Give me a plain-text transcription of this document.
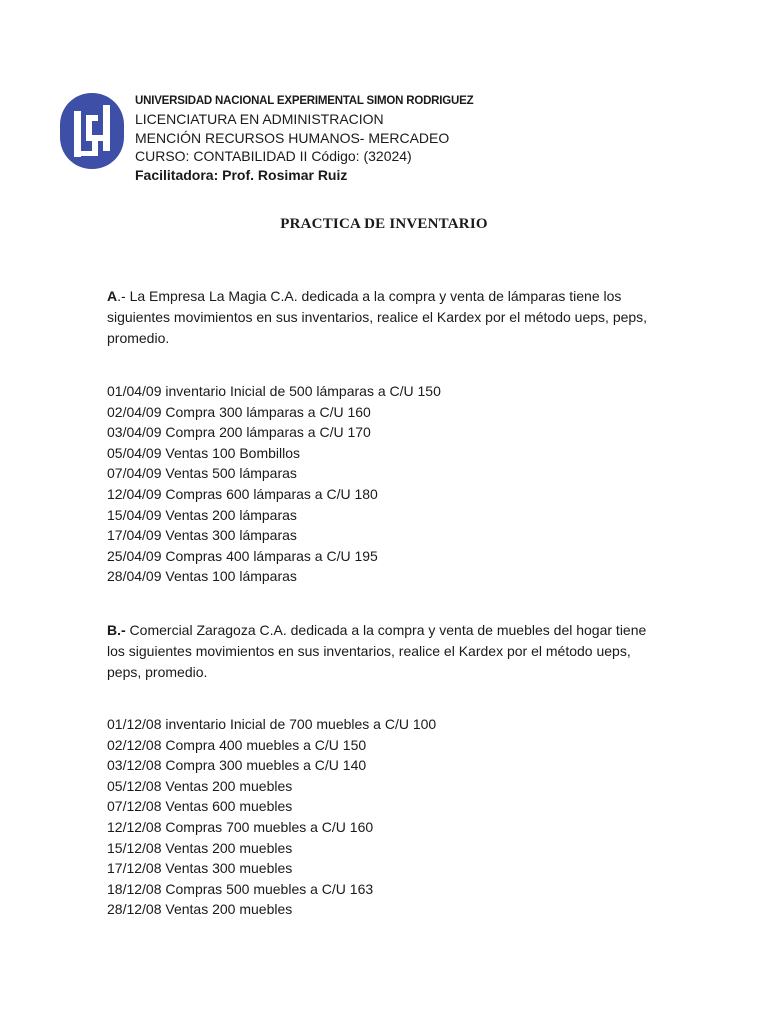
UNIVERSIDAD NACIONAL EXPERIMENTAL SIMON RODRIGUEZ
LICENCIATURA EN ADMINISTRACION
MENCIÓN RECURSOS HUMANOS- MERCADEO
CURSO: CONTABILIDAD II Código: (32024)
Facilitadora: Prof. Rosimar Ruiz
PRACTICA DE INVENTARIO
A.- La Empresa La Magia C.A. dedicada a la compra y venta de lámparas tiene los siguientes movimientos en sus inventarios, realice el Kardex por el método ueps, peps, promedio.
01/04/09 inventario Inicial de 500 lámparas a C/U 150
02/04/09 Compra 300 lámparas a C/U 160
03/04/09 Compra 200 lámparas a C/U 170
05/04/09 Ventas 100 Bombillos
07/04/09 Ventas 500 lámparas
12/04/09 Compras 600 lámparas a C/U 180
15/04/09 Ventas 200 lámparas
17/04/09 Ventas 300 lámparas
25/04/09 Compras 400 lámparas a C/U 195
28/04/09 Ventas 100 lámparas
B.- Comercial Zaragoza C.A. dedicada a la compra y venta de muebles del hogar tiene los siguientes movimientos en sus inventarios, realice el Kardex por el método ueps, peps, promedio.
01/12/08 inventario Inicial de 700 muebles a C/U 100
02/12/08 Compra 400 muebles a C/U 150
03/12/08 Compra 300 muebles a C/U 140
05/12/08 Ventas 200 muebles
07/12/08 Ventas 600 muebles
12/12/08 Compras 700 muebles a C/U 160
15/12/08 Ventas 200 muebles
17/12/08 Ventas 300 muebles
18/12/08 Compras 500 muebles a C/U 163
28/12/08 Ventas 200 muebles
